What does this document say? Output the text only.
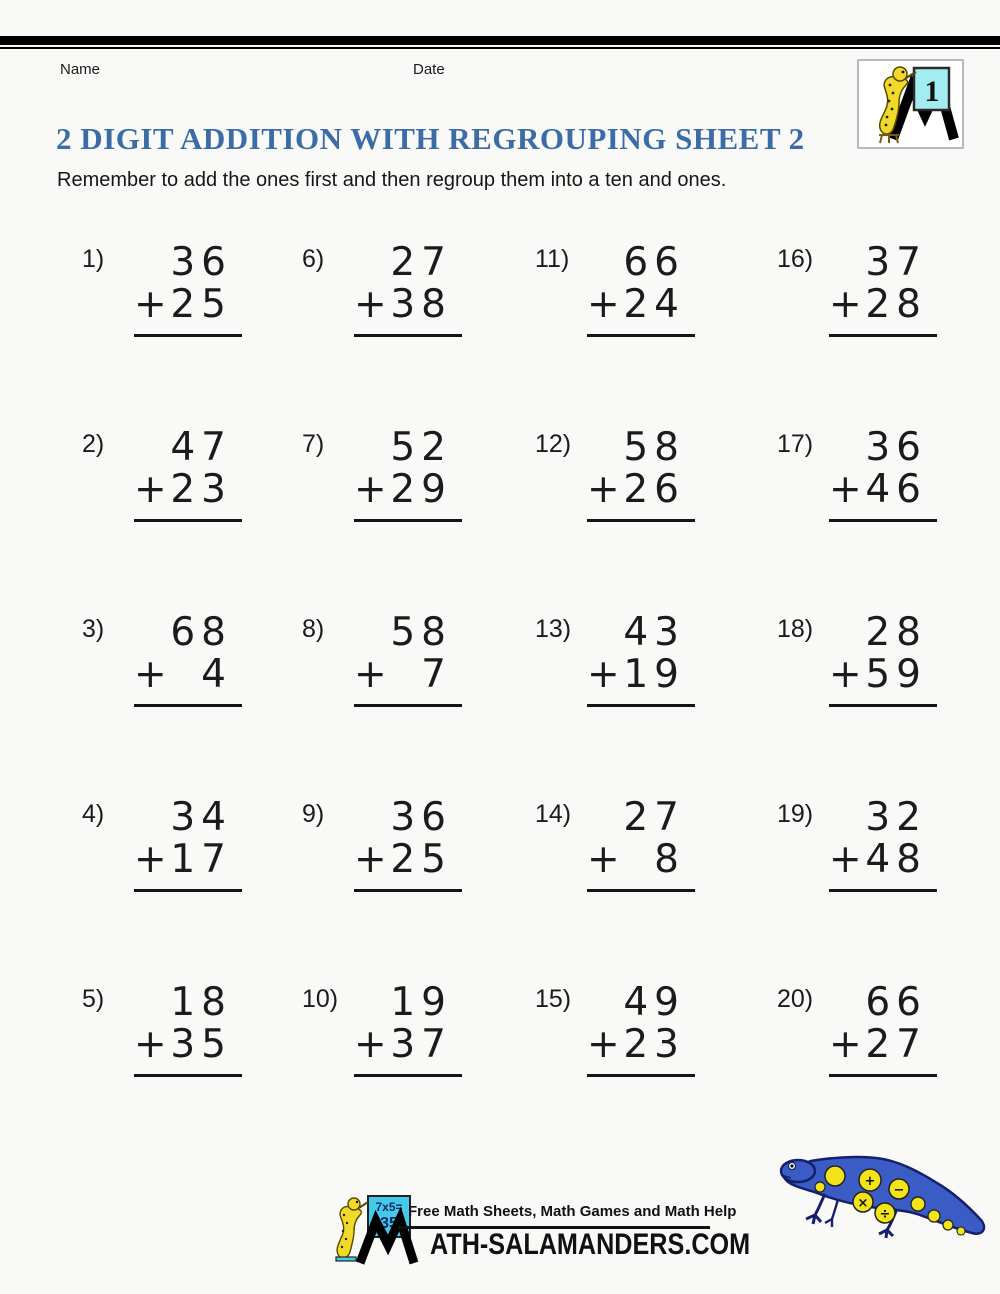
Name	Date
1
2 DIGIT ADDITION WITH REGROUPING SHEET 2

Remember to add the ones first and then regroup them into a ten and ones.

1)	36
+ 25
6)	27
+ 38
11)	66
+ 24
16)	37
+ 28
2)	47
+ 23
7)	52
+ 29
12)	58
+ 26
17)	36
+ 46
3)	68
+ 4
8)	58
+ 7
13)	43
+ 19
18)	28
+ 59
4)	34
+ 17
9)	36
+ 25
14)	27
+ 8
19)	32
+ 48
5)	18
+ 35
10)	19
+ 37
15)	49
+ 23
20)	66
+ 27
7x5=
35
Free Math Sheets, Math Games and Math Help
ATH-SALAMANDERS.COM
+
×
−
÷
